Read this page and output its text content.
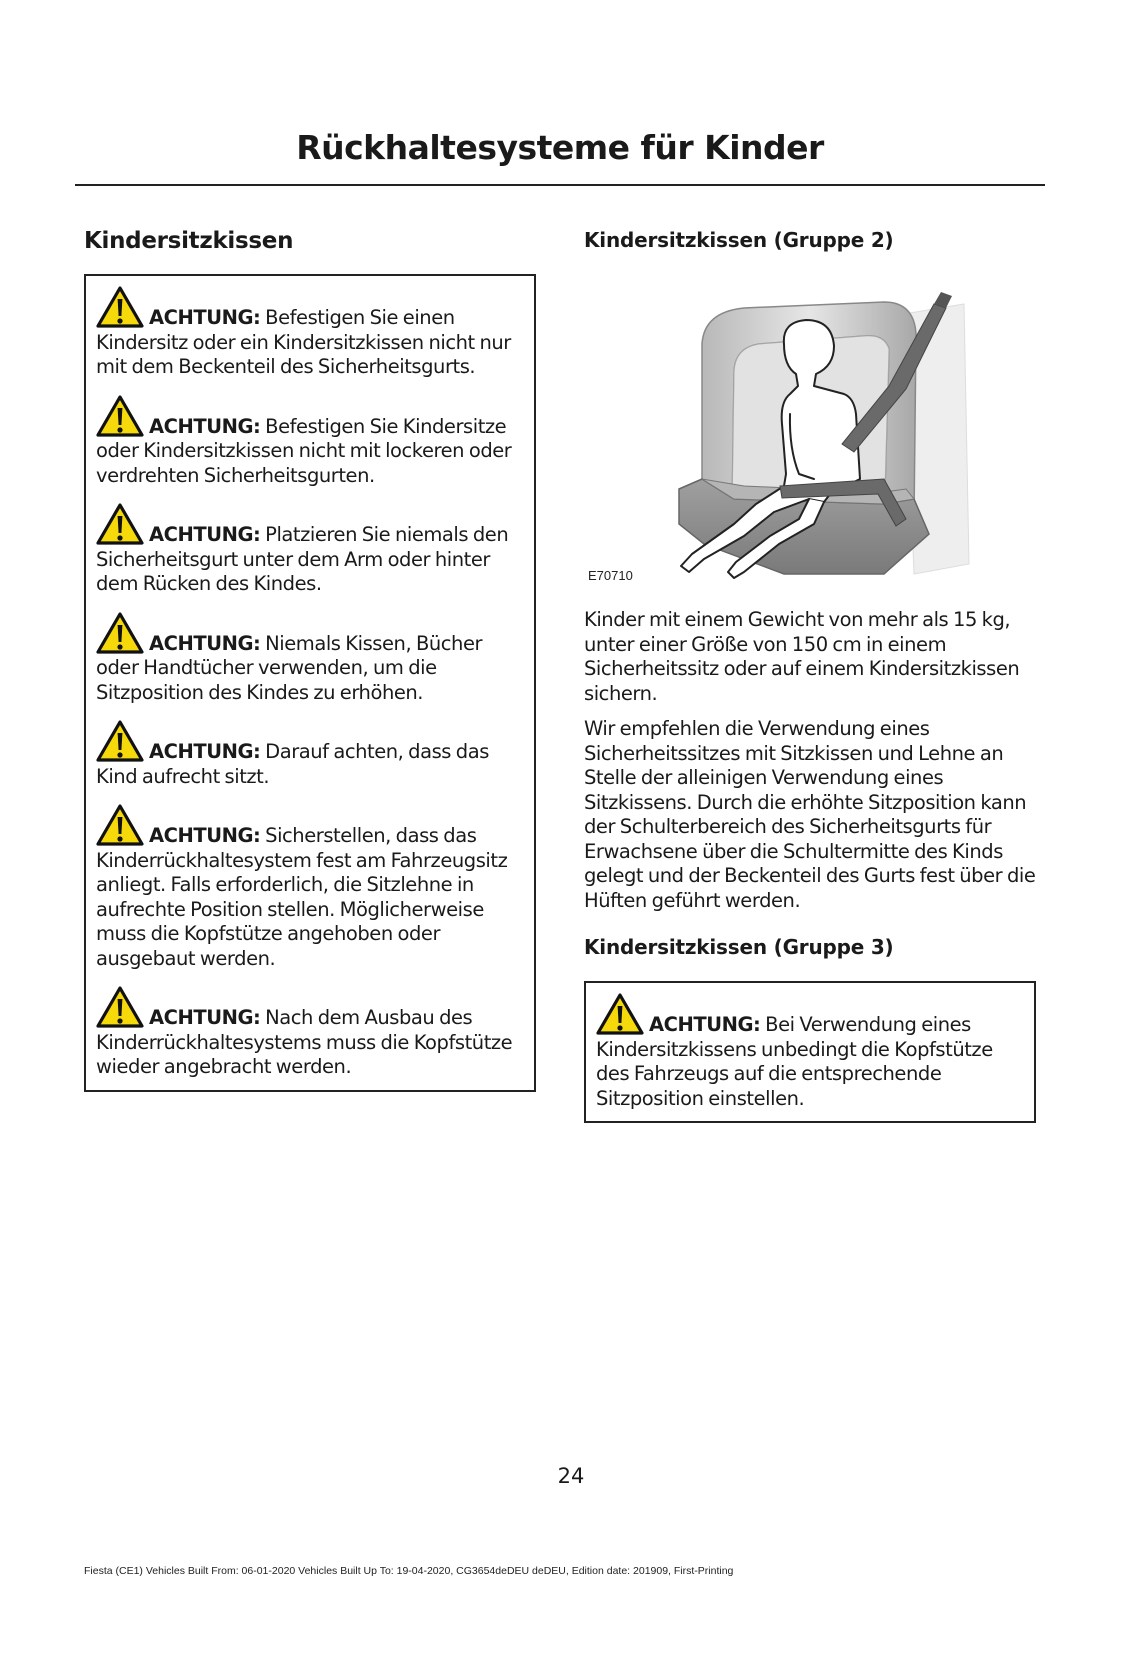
Rückhaltesysteme für Kinder
Kindersitzkissen

ACHTUNG: Befestigen Sie einen Kindersitz oder ein Kindersitzkissen nicht nur mit dem Beckenteil des Sicherheitsgurts.

ACHTUNG: Befestigen Sie Kindersitze oder Kindersitzkissen nicht mit lockeren oder verdrehten Sicherheitsgurten.

ACHTUNG: Platzieren Sie niemals den Sicherheitsgurt unter dem Arm oder hinter dem Rücken des Kindes.

ACHTUNG: Niemals Kissen, Bücher oder Handtücher verwenden, um die Sitzposition des Kindes zu erhöhen.

ACHTUNG: Darauf achten, dass das Kind aufrecht sitzt.

ACHTUNG: Sicherstellen, dass das Kinderrückhaltesystem fest am Fahrzeugsitz anliegt. Falls erforderlich, die Sitzlehne in aufrechte Position stellen. Möglicherweise muss die Kopfstütze angehoben oder ausgebaut werden.

ACHTUNG: Nach dem Ausbau des Kinderrückhaltesystems muss die Kopfstütze wieder angebracht werden.

Kindersitzkissen (Gruppe 2)
E70710

Kinder mit einem Gewicht von mehr als 15 kg, unter einer Größe von 150 cm in einem Sicherheitssitz oder auf einem Kindersitzkissen sichern.

Wir empfehlen die Verwendung eines Sicherheitssitzes mit Sitzkissen und Lehne an Stelle der alleinigen Verwendung eines Sitzkissens. Durch die erhöhte Sitzposition kann der Schulterbereich des Sicherheitsgurts für Erwachsene über die Schultermitte des Kinds gelegt und der Beckenteil des Gurts fest über die Hüften geführt werden.

Kindersitzkissen (Gruppe 3)

ACHTUNG: Bei Verwendung eines Kindersitzkissens unbedingt die Kopfstütze des Fahrzeugs auf die entsprechende Sitzposition einstellen.

24
Fiesta (CE1) Vehicles Built From: 06-01-2020 Vehicles Built Up To: 19-04-2020, CG3654deDEU deDEU, Edition date: 201909, First-Printing
